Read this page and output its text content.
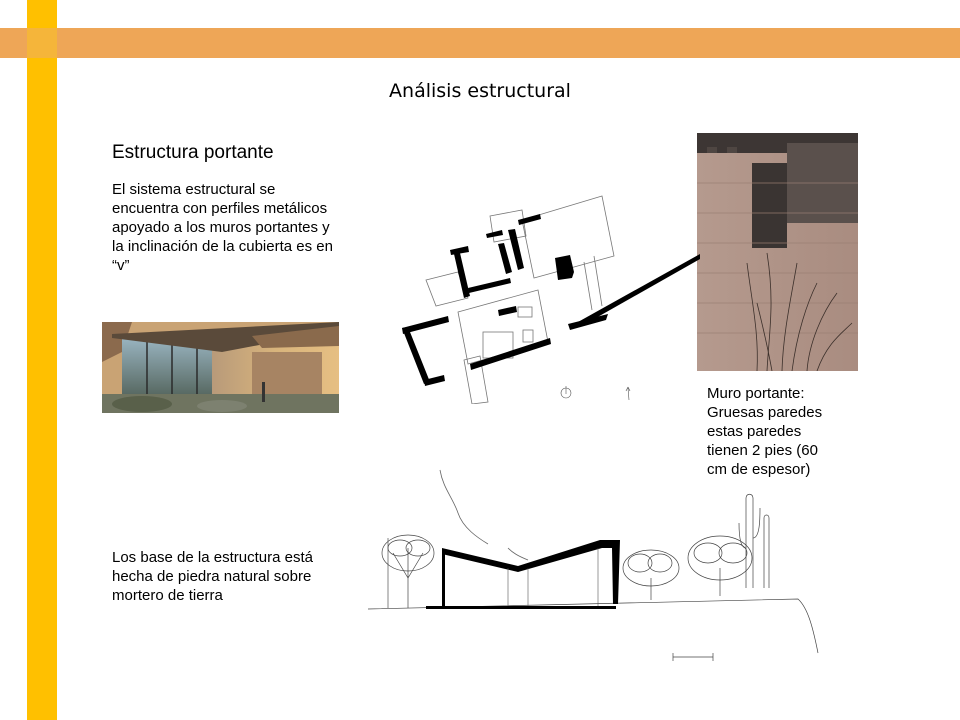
Análisis estructural
Estructura portante
El sistema estructural se encuentra con perfiles metálicos apoyado a los muros portantes y la inclinación de la cubierta es en “v”
Muro portante: Gruesas paredes estas paredes tienen 2 pies (60 cm de espesor)
Los base de la estructura está hecha de piedra natural sobre mortero de tierra
